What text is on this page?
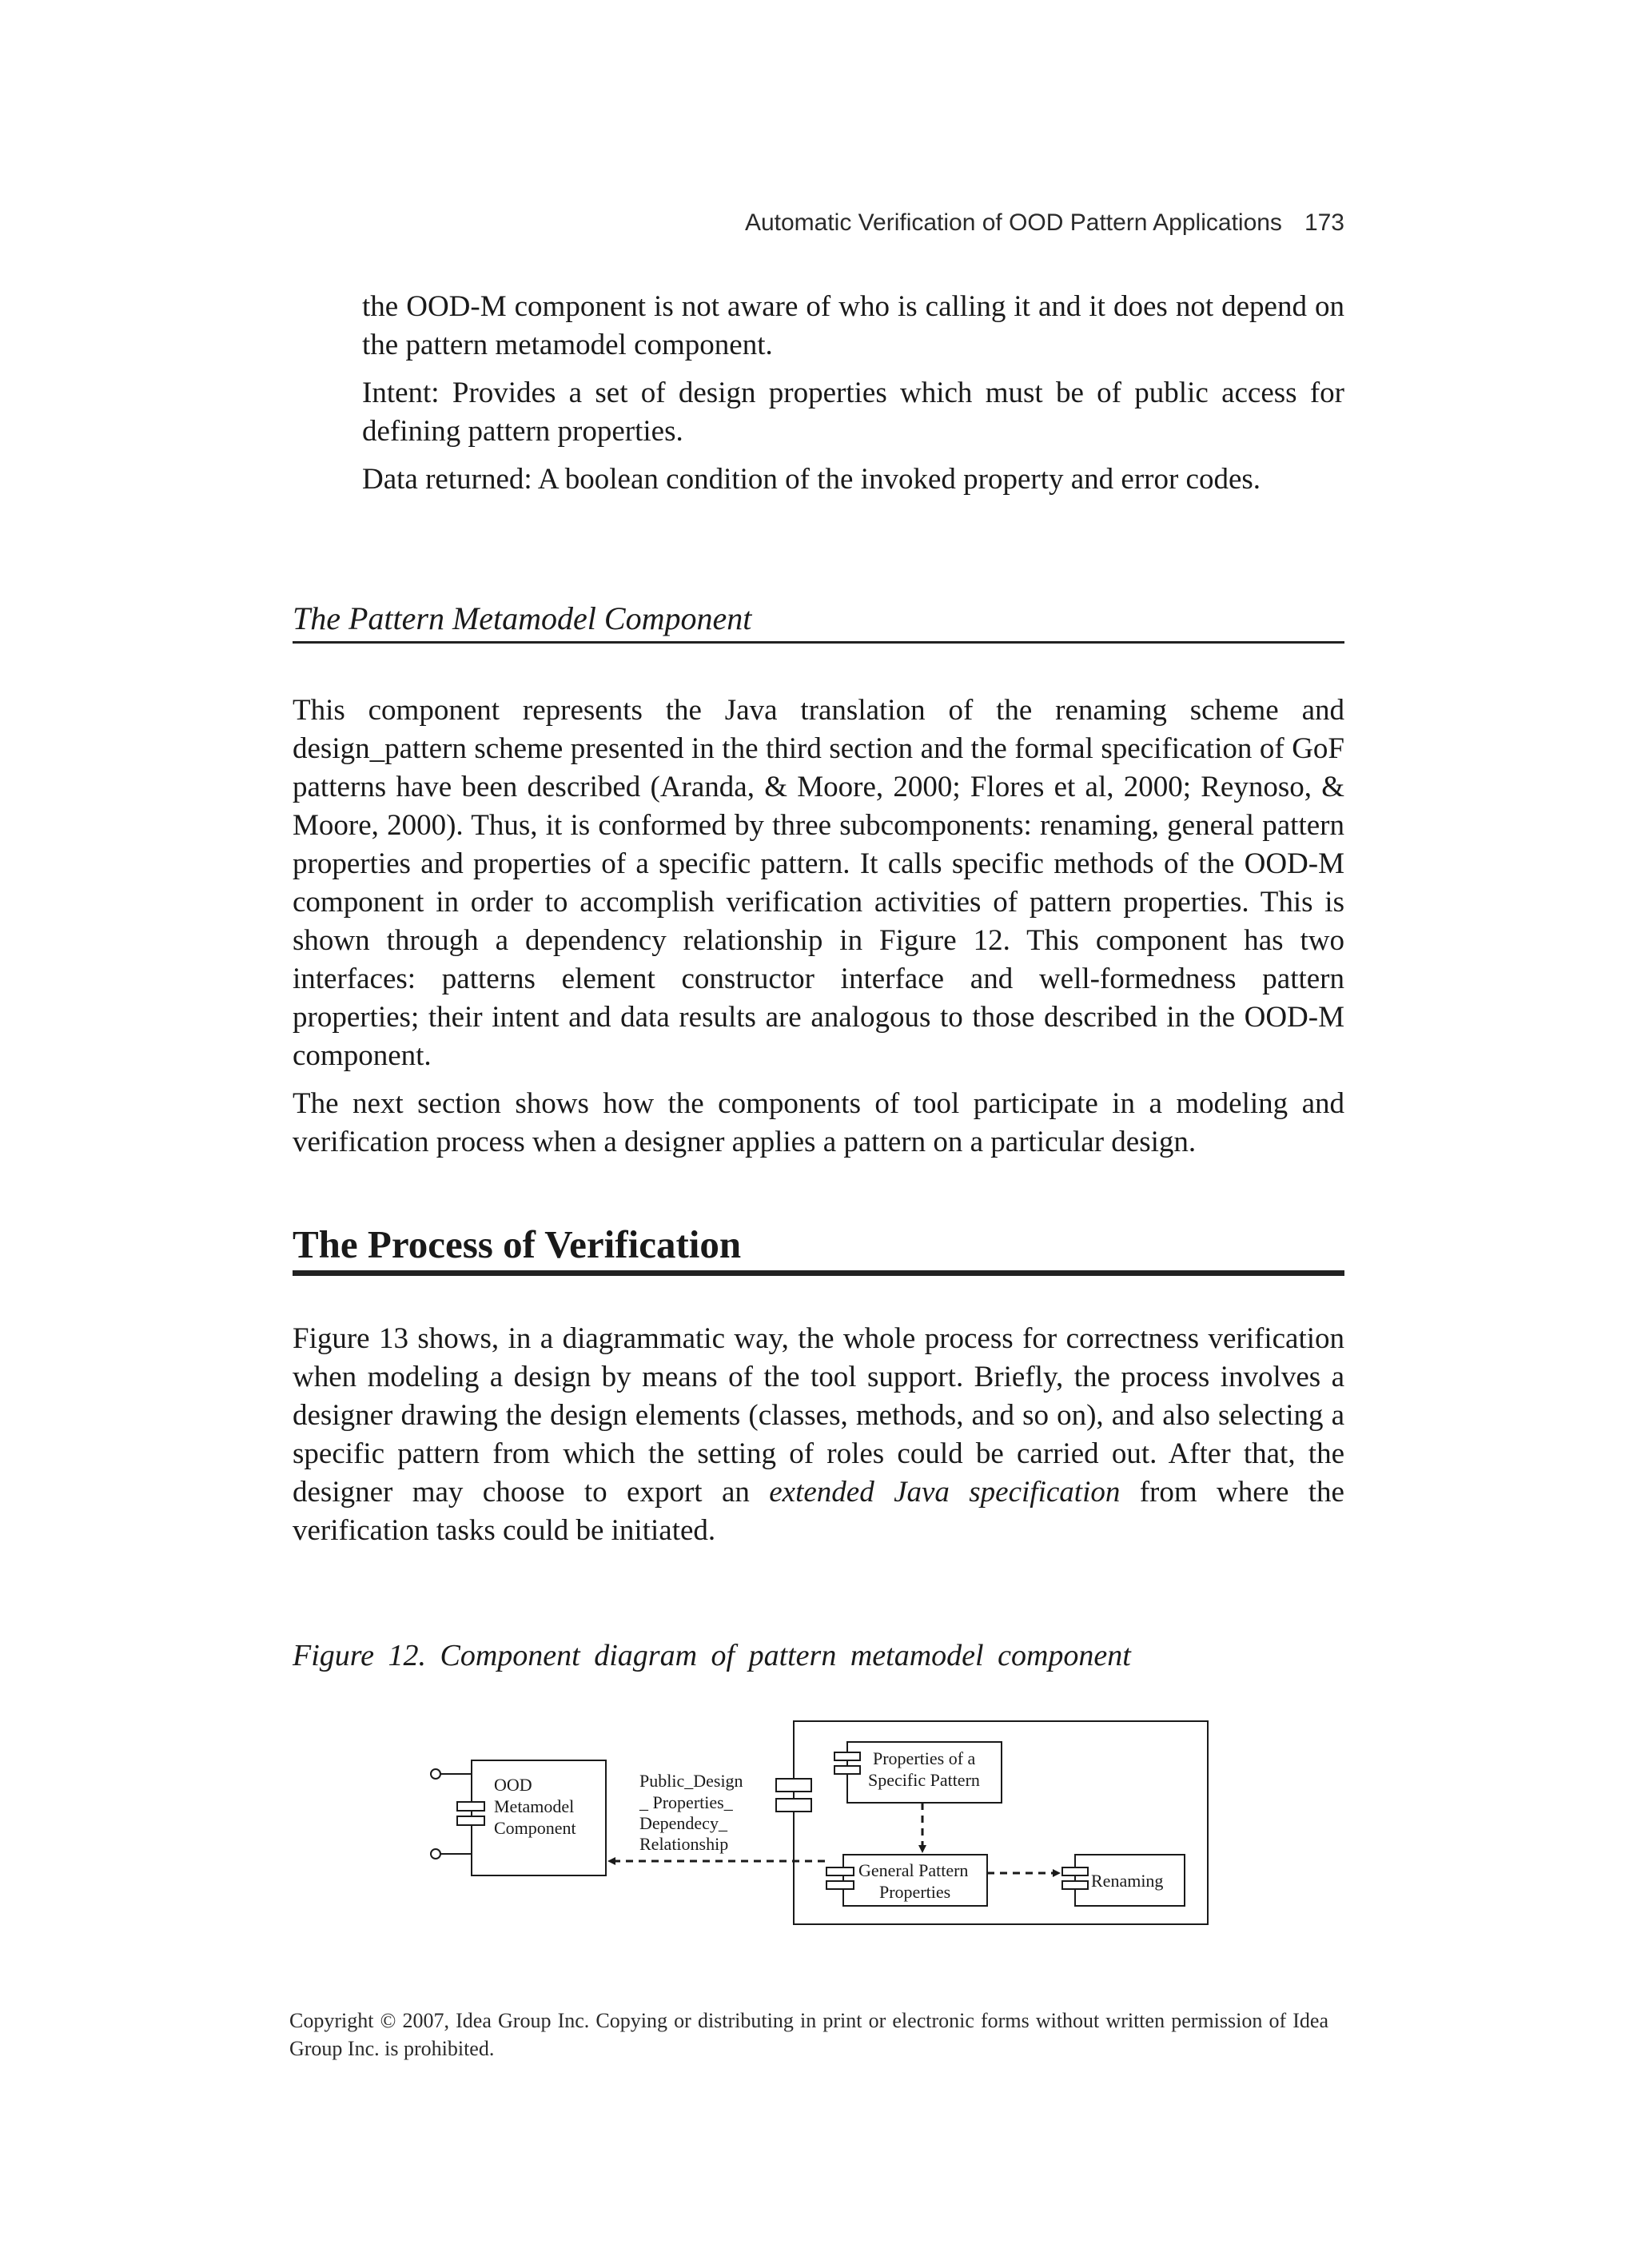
Automatic Verification of OOD Pattern Applications 173

the OOD-M component is not aware of who is calling it and it does not depend on the pattern metamodel component.

Intent: Provides a set of design properties which must be of public access for defining pattern properties.

Data returned: A boolean condition of the invoked property and error codes.

The Pattern Metamodel Component

This component represents the Java translation of the renaming scheme and design_pattern scheme presented in the third section and the formal specification of GoF patterns have been described (Aranda, & Moore, 2000; Flores et al, 2000; Reynoso, & Moore, 2000). Thus, it is conformed by three subcomponents: renaming, general pattern properties and properties of a specific pattern. It calls specific methods of the OOD-M component in order to accomplish verification activities of pattern properties. This is shown through a dependency relationship in Figure 12. This component has two interfaces: patterns element constructor interface and well-formedness pattern properties; their intent and data results are analogous to those described in the OOD-M component.

The next section shows how the components of tool participate in a modeling and verification process when a designer applies a pattern on a particular design.

The Process of Verification

Figure 13 shows, in a diagrammatic way, the whole process for correctness verification when modeling a design by means of the tool support. Briefly, the process involves a designer drawing the design elements (classes, methods, and so on), and also selecting a specific pattern from which the setting of roles could be carried out. After that, the designer may choose to export an extended Java specification from where the verification tasks could be initiated.

Figure 12. Component diagram of pattern metamodel component
OOD
Metamodel
Component
Public_Design
_ Properties_
Dependecy_
Relationship
Properties of a
Specific Pattern
General Pattern
Properties
Renaming
Copyright © 2007, Idea Group Inc. Copying or distributing in print or electronic forms without written permission of Idea Group Inc. is prohibited.
